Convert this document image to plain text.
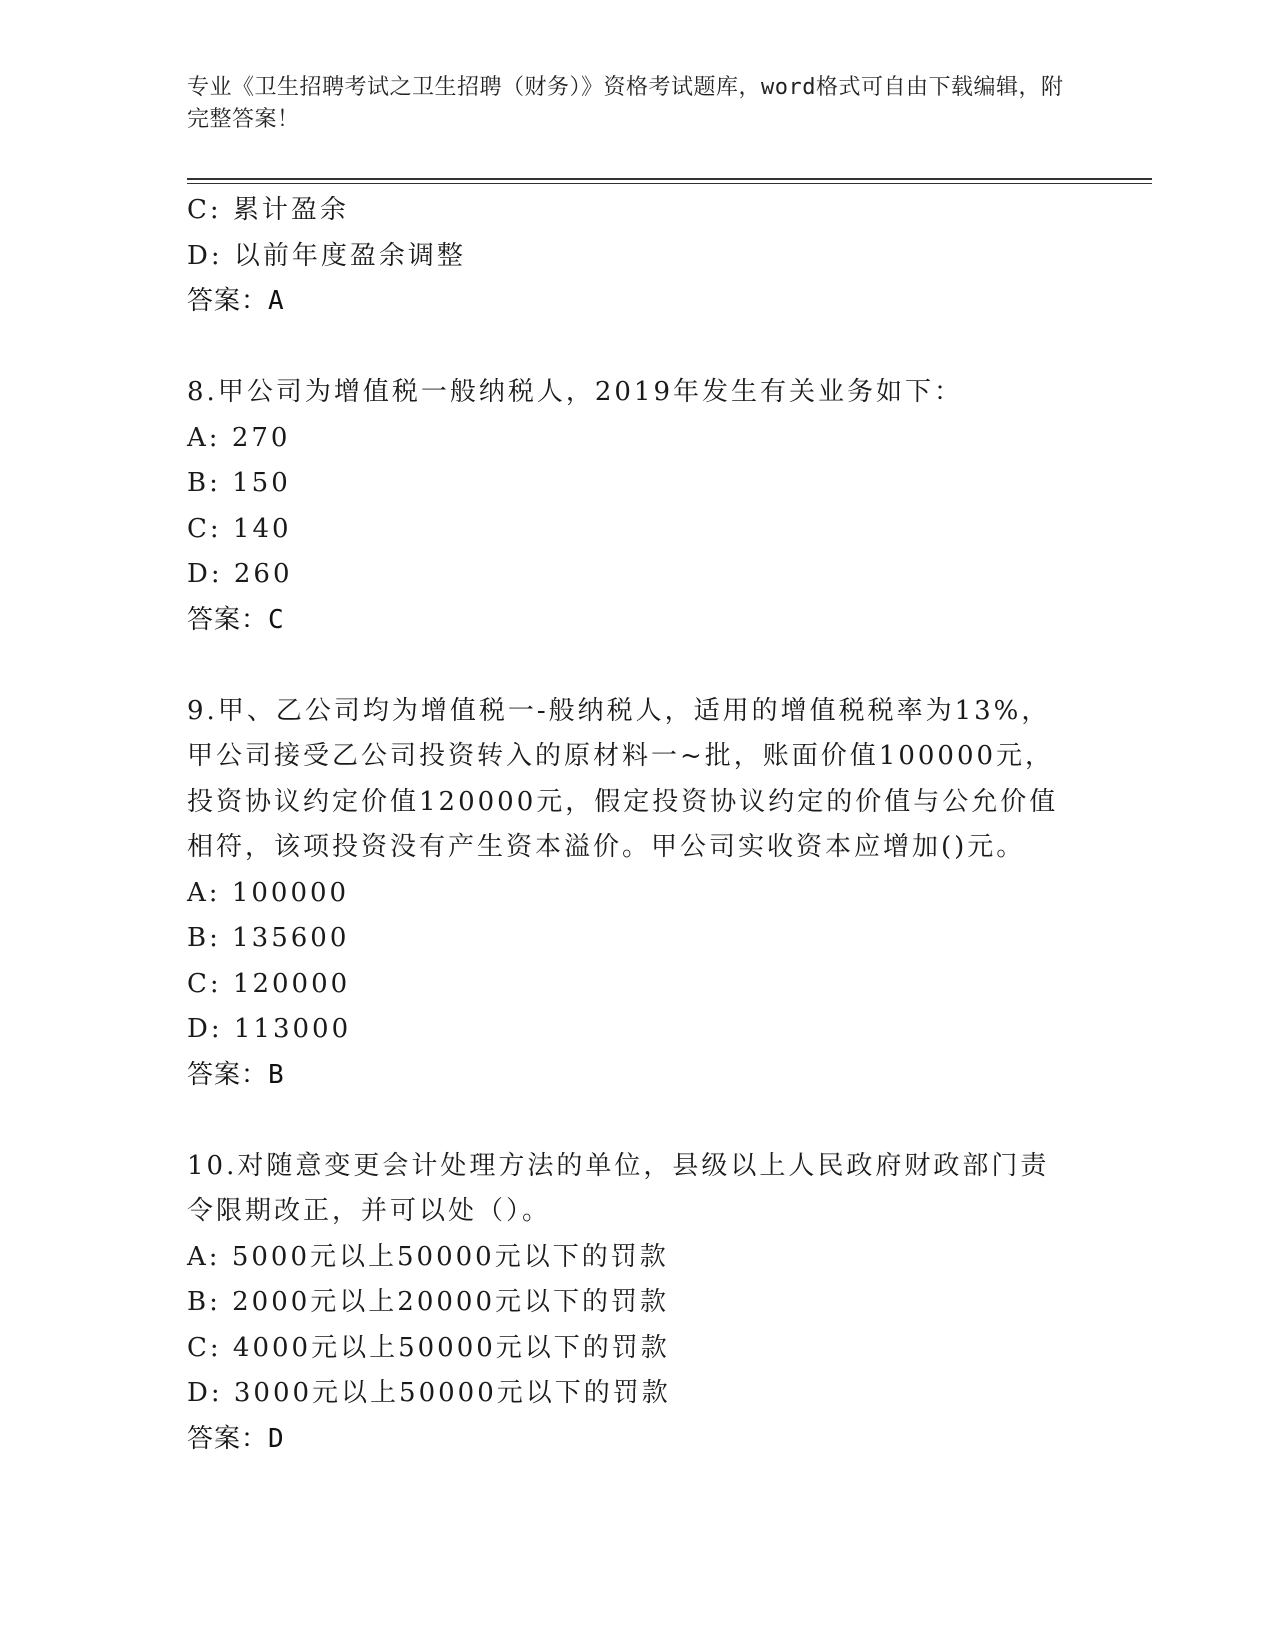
专业《卫生招聘考试之卫生招聘（财务）》资格考试题库，word格式可自由下载编辑，附完整答案！
C: 累计盈余
D: 以前年度盈余调整
答案：A
8.甲公司为增值税一般纳税人，2019年发生有关业务如下：
A: 270
B: 150
C: 140
D: 260
答案：C
9.甲、乙公司均为增值税一-般纳税人，适用的增值税税率为13%，甲公司接受乙公司投资转入的原材料一~批，账面价值100000元，投资协议约定价值120000元，假定投资协议约定的价值与公允价值相符，该项投资没有产生资本溢价。甲公司实收资本应增加()元。
A: 100000
B: 135600
C: 120000
D: 113000
答案：B
10.对随意变更会计处理方法的单位，县级以上人民政府财政部门责令限期改正，并可以处（）。
A: 5000元以上50000元以下的罚款
B: 2000元以上20000元以下的罚款
C: 4000元以上50000元以下的罚款
D: 3000元以上50000元以下的罚款
答案：D
